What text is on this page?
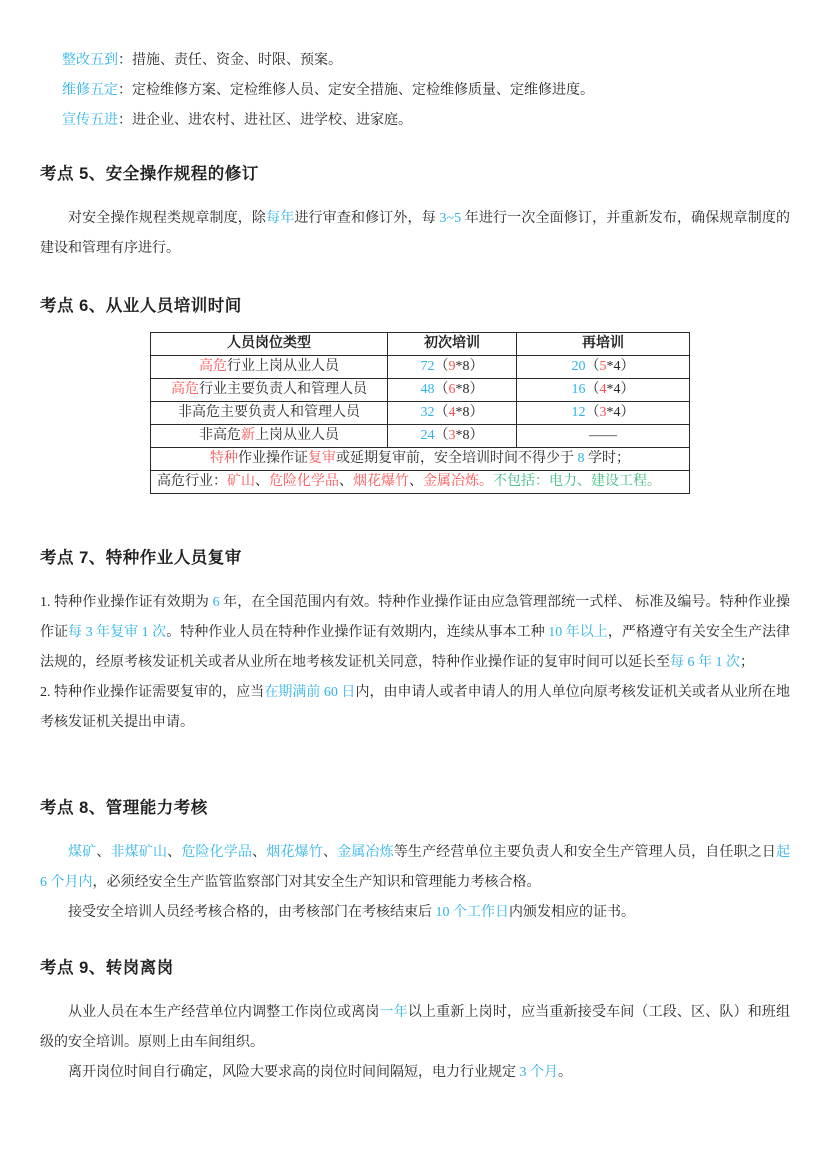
整改五到：措施、责任、资金、时限、预案。

维修五定：定检维修方案、定检维修人员、定安全措施、定检维修质量、定维修进度。

宣传五进：进企业、进农村、进社区、进学校、进家庭。

考点 5、安全操作规程的修订

对安全操作规程类规章制度，除每年进行审查和修订外，每 3~5 年进行一次全面修订，并重新发布，确保规章制度的建设和管理有序进行。

考点 6、从业人员培训时间
人员岗位类型	初次培训	再培训
高危行业上岗从业人员	72（9*8）	20（5*4）
高危行业主要负责人和管理人员	48（6*8）	16（4*4）
非高危主要负责人和管理人员	32（4*8）	12（3*4）
非高危新上岗从业人员	24（3*8）	——
特种作业操作证复审或延期复审前，安全培训时间不得少于 8 学时；		
高危行业：矿山、危险化学品、烟花爆竹、金属冶炼。不包括：电力、建设工程。		
考点 7、特种作业人员复审

1. 特种作业操作证有效期为 6 年，在全国范围内有效。特种作业操作证由应急管理部统一式样、 标准及编号。特种作业操作证每 3 年复审 1 次。特种作业人员在特种作业操作证有效期内，连续从事本工种 10 年以上，严格遵守有关安全生产法律法规的，经原考核发证机关或者从业所在地考核发证机关同意，特种作业操作证的复审时间可以延长至每 6 年 1 次；

2. 特种作业操作证需要复审的，应当在期满前 60 日内，由申请人或者申请人的用人单位向原考核发证机关或者从业所在地考核发证机关提出申请。

考点 8、管理能力考核

煤矿、非煤矿山、危险化学品、烟花爆竹、金属冶炼等生产经营单位主要负责人和安全生产管理人员，自任职之日起 6 个月内，必须经安全生产监管监察部门对其安全生产知识和管理能力考核合格。

接受安全培训人员经考核合格的，由考核部门在考核结束后 10 个工作日内颁发相应的证书。

考点 9、转岗离岗

从业人员在本生产经营单位内调整工作岗位或离岗一年以上重新上岗时，应当重新接受车间（工段、区、队）和班组级的安全培训。原则上由车间组织。

离开岗位时间自行确定，风险大要求高的岗位时间间隔短，电力行业规定 3 个月。
